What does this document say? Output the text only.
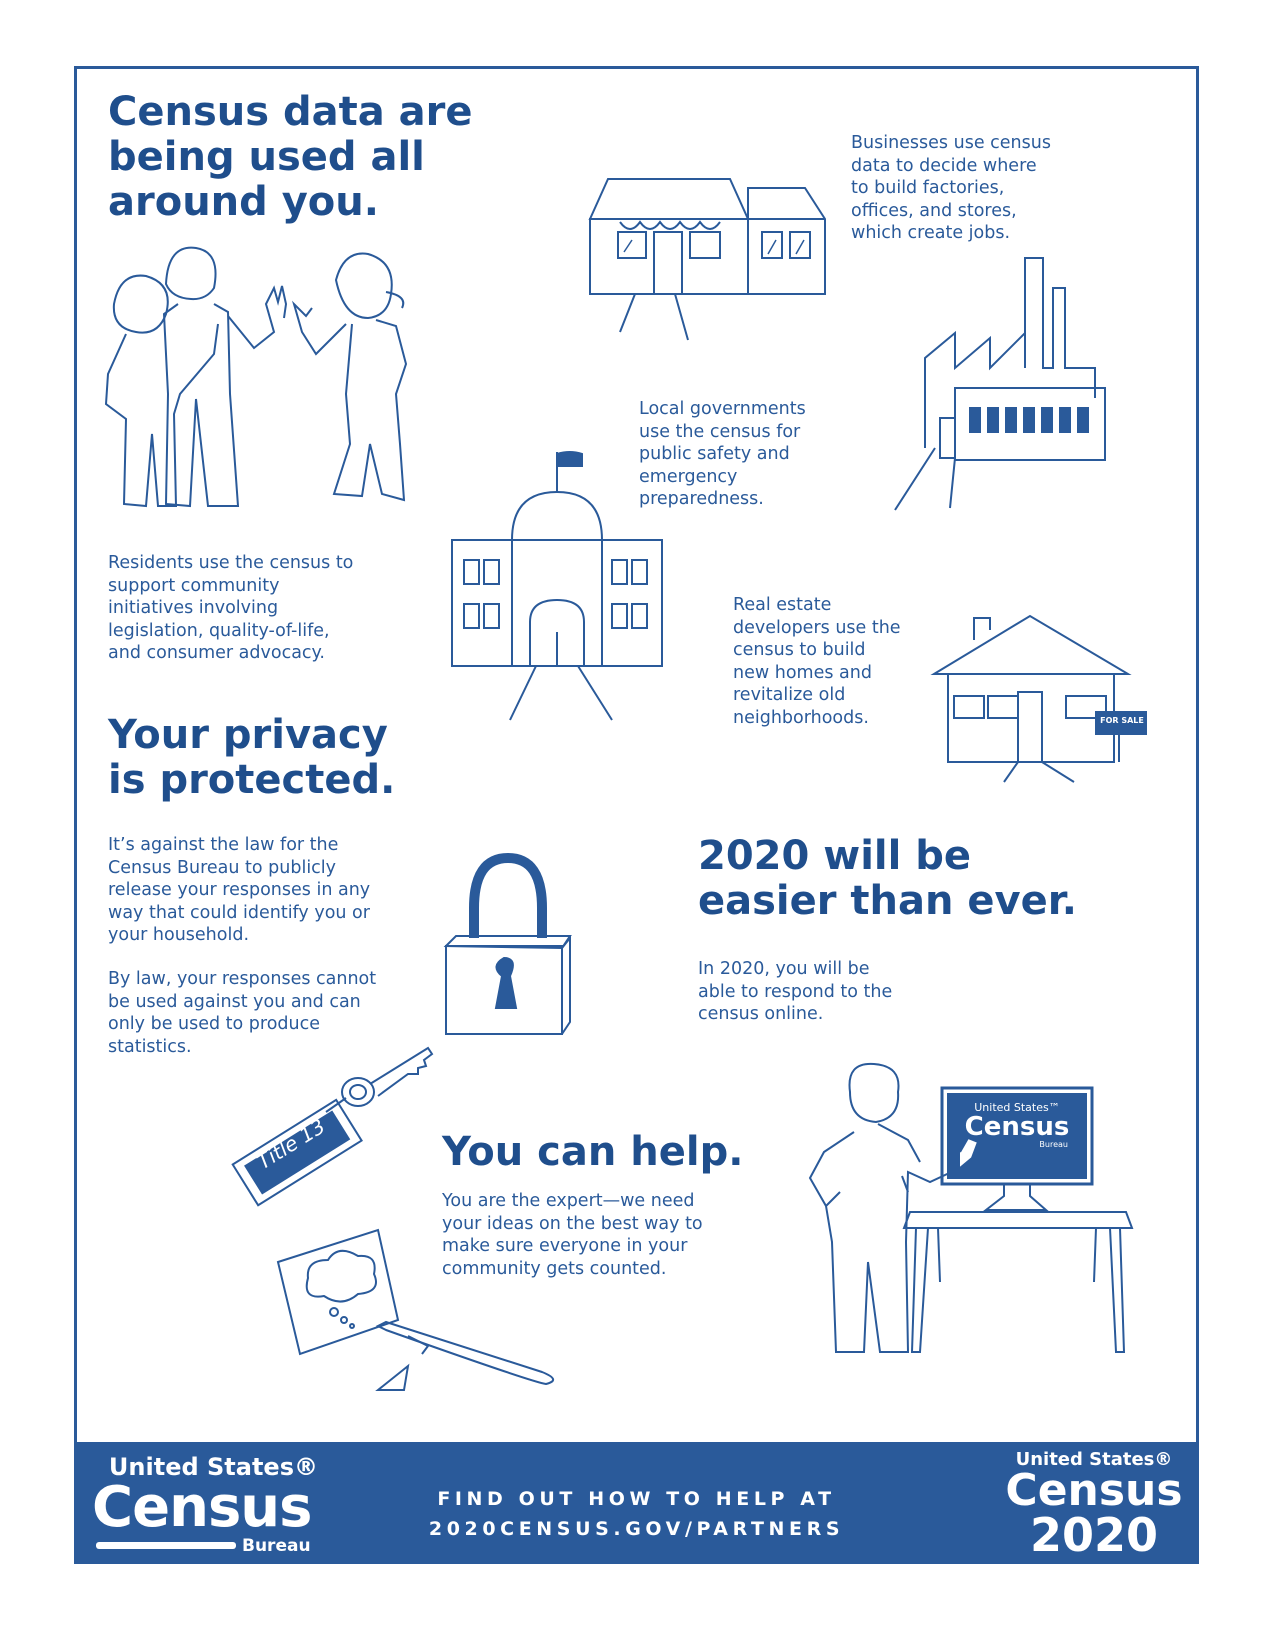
Census data are
being used all
around you.
Businesses use census
data to decide where
to build factories,
offices, and stores,
which create jobs.
Local governments
use the census for
public safety and
emergency
preparedness.
Residents use the census to
support community
initiatives involving
legislation, quality-of-life,
and consumer advocacy.
Real estate
developers use the
census to build
new homes and
revitalize old
neighborhoods.
Your privacy
is protected.
It’s against the law for the
Census Bureau to publicly
release your responses in any
way that could identify you or
your household.
By law, your responses cannot
be used against you and can
only be used to produce
statistics.
2020 will be
easier than ever.
In 2020, you will be
able to respond to the
census online.
You can help.
You are the expert—we need
your ideas on the best way to
make sure everyone in your
community gets counted.
FOR SALE
Title 13
United States™
Census
Bureau
United States®
Census
Bureau
FIND OUT HOW TO HELP AT
2020CENSUS.GOV/PARTNERS
United States®
Census
2020
